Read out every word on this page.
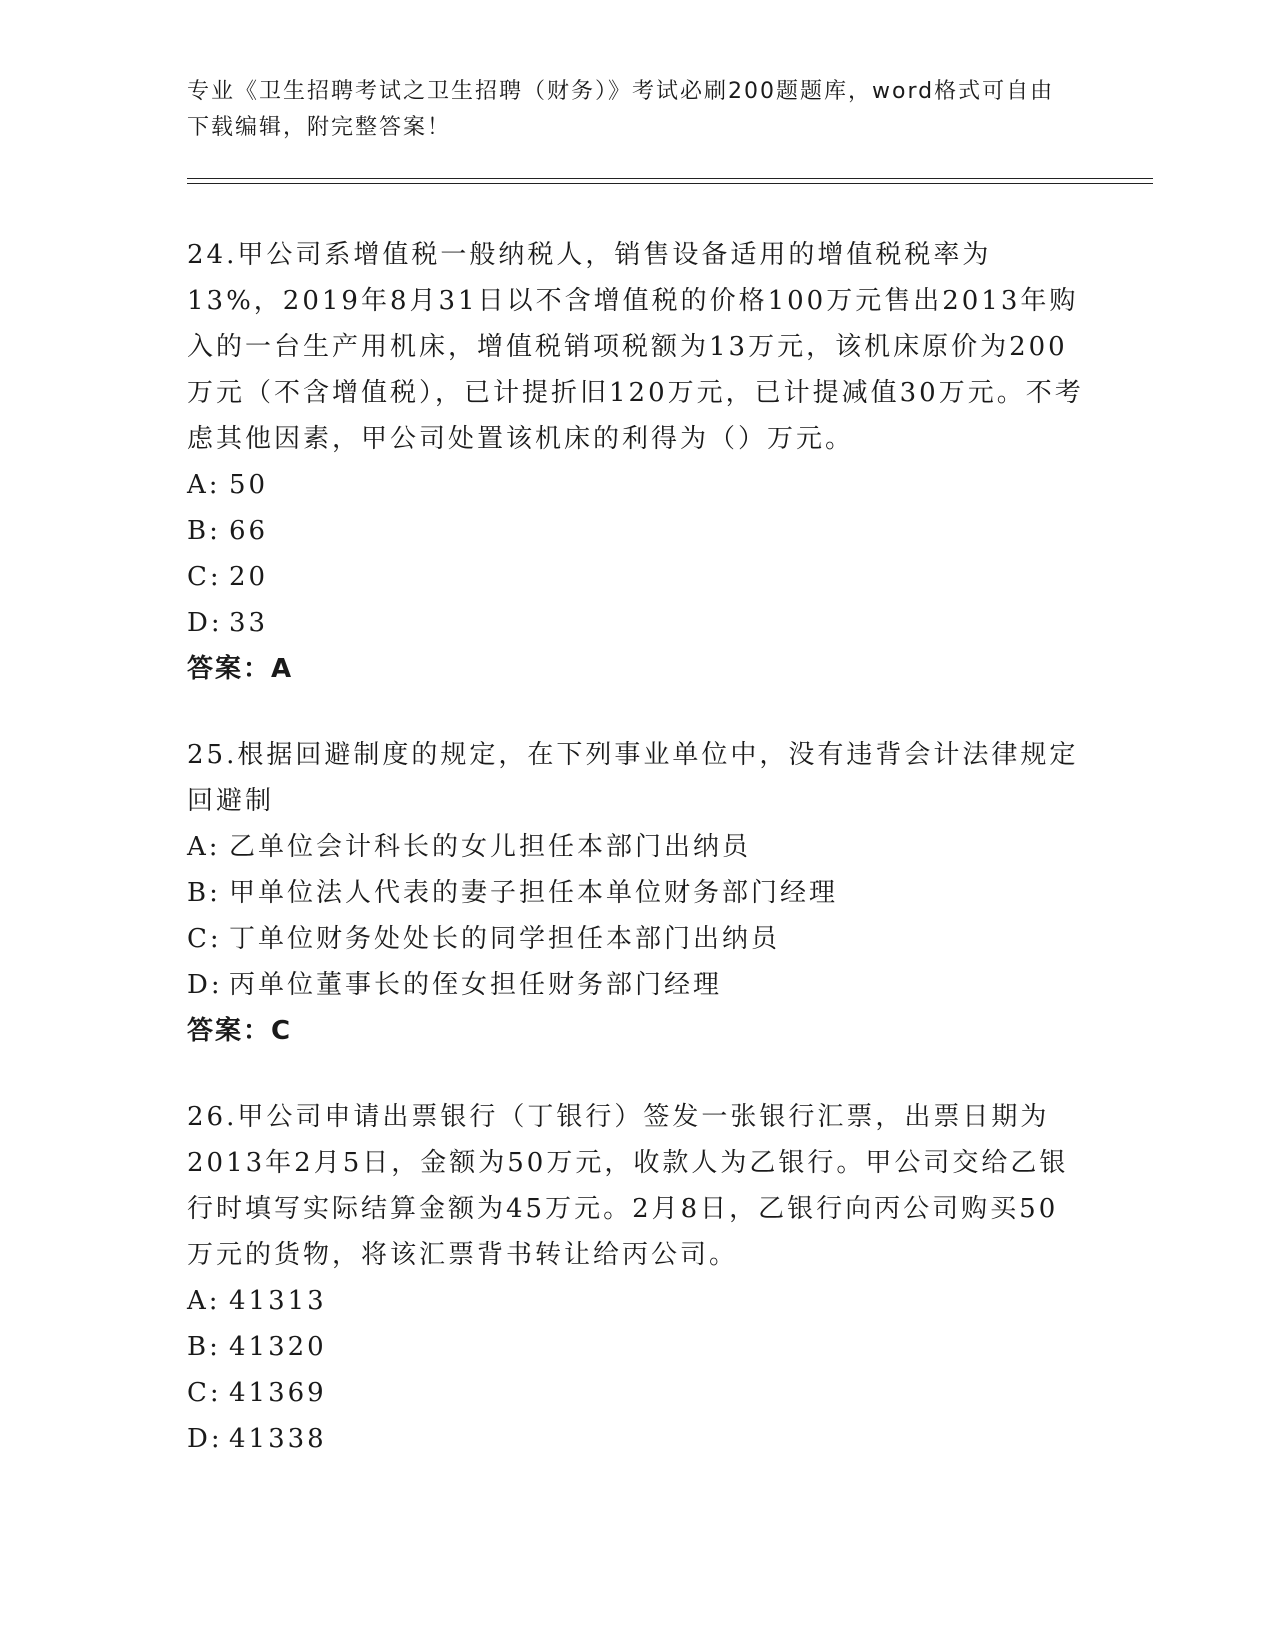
专业《卫生招聘考试之卫生招聘（财务）》考试必刷200题题库，word格式可自由下载编辑，附完整答案！

24.甲公司系增值税一般纳税人，销售设备适用的增值税税率为13%，2019年8月31日以不含增值税的价格100万元售出2013年购入的一台生产用机床，增值税销项税额为13万元，该机床原价为200万元（不含增值税），已计提折旧120万元，已计提减值30万元。不考虑其他因素，甲公司处置该机床的利得为（）万元。

A: 50

B: 66

C: 20

D: 33

答案：A

25.根据回避制度的规定，在下列事业单位中，没有违背会计法律规定回避制

A: 乙单位会计科长的女儿担任本部门出纳员

B: 甲单位法人代表的妻子担任本单位财务部门经理

C: 丁单位财务处处长的同学担任本部门出纳员

D: 丙单位董事长的侄女担任财务部门经理

答案：C

26.甲公司申请出票银行（丁银行）签发一张银行汇票，出票日期为2013年2月5日，金额为50万元，收款人为乙银行。甲公司交给乙银行时填写实际结算金额为45万元。2月8日，乙银行向丙公司购买50万元的货物，将该汇票背书转让给丙公司。

A: 41313

B: 41320

C: 41369

D: 41338
